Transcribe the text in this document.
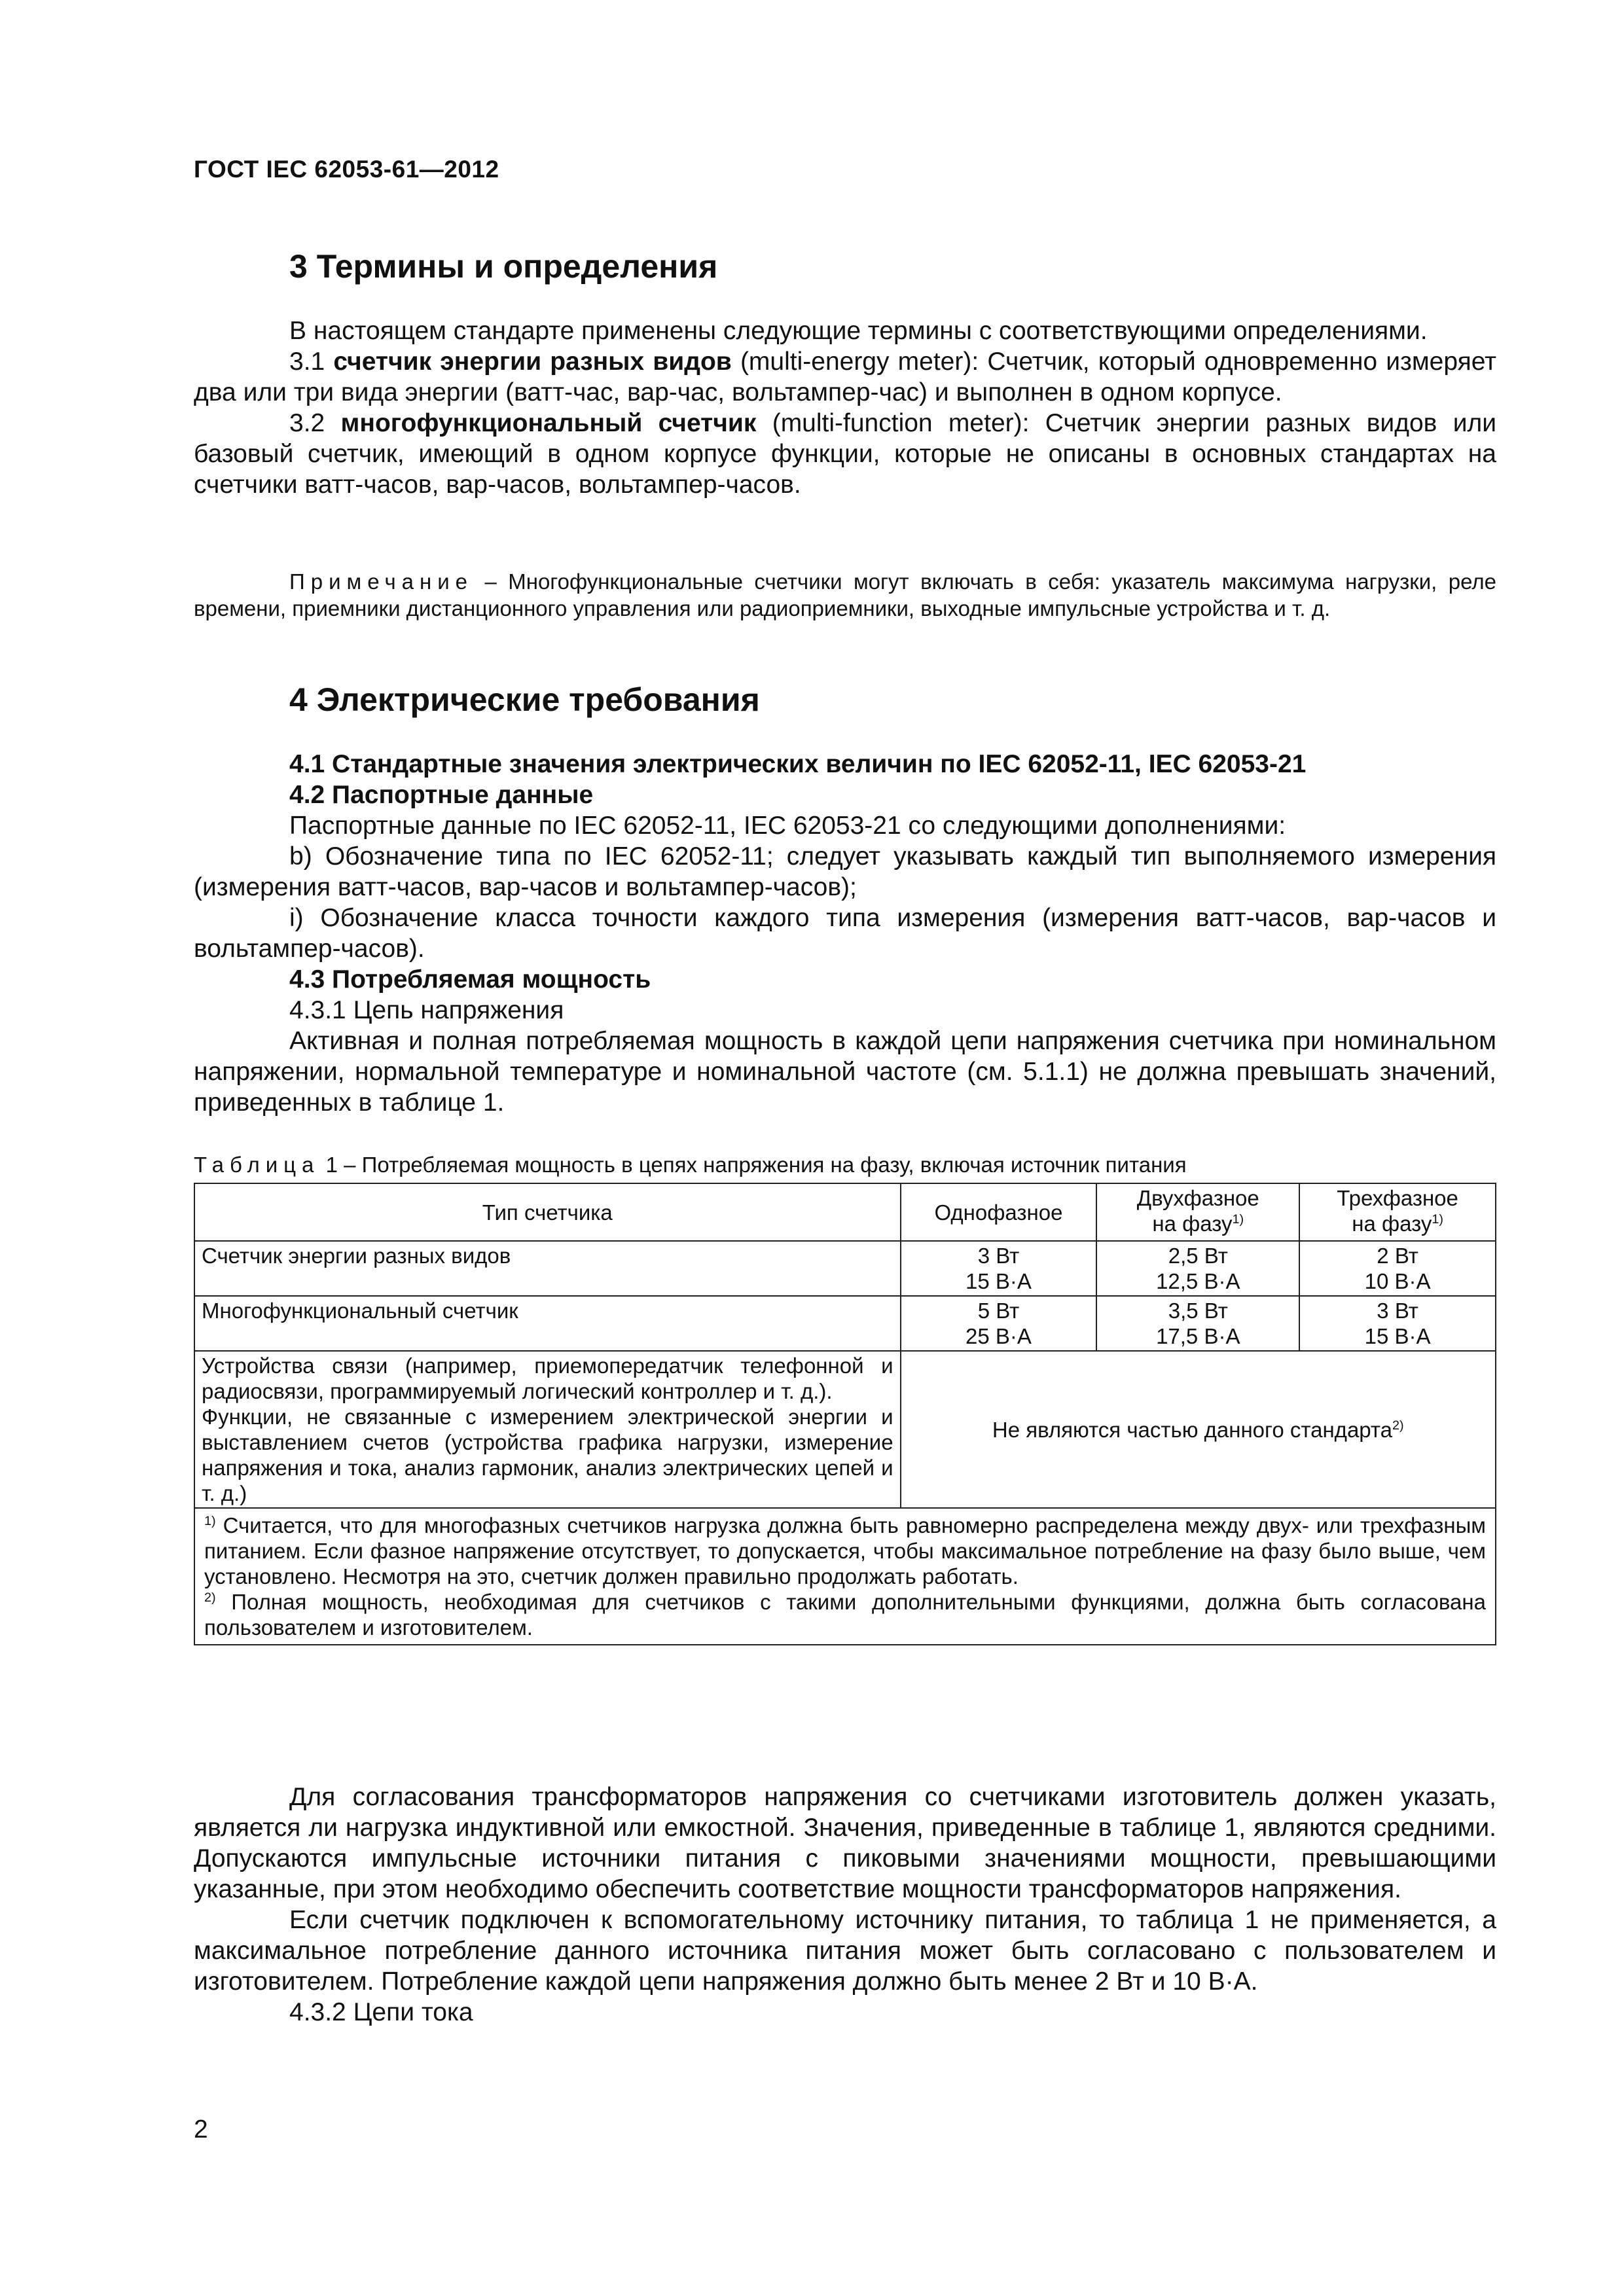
ГОСТ IEC 62053-61—2012
3 Термины и определения

В настоящем стандарте применены следующие термины с соответствующими определениями.

3.1 счетчик энергии разных видов (multi-energy meter): Счетчик, который одновременно измеряет два или три вида энергии (ватт-час, вар-час, вольтампер-час) и выполнен в одном корпусе.

3.2 многофункциональный счетчик (multi-function meter): Счетчик энергии разных видов или базовый счетчик, имеющий в одном корпусе функции, которые не описаны в основных стандартах на счетчики ватт-часов, вар-часов, вольтампер-часов.

Примечание – Многофункциональные счетчики могут включать в себя: указатель максимума нагрузки, реле времени, приемники дистанционного управления или радиоприемники, выходные импульсные устройства и т. д.

4 Электрические требования

4.1 Стандартные значения электрических величин по IEC 62052-11, IEC 62053-21

4.2 Паспортные данные

Паспортные данные по IEC 62052-11, IEC 62053-21 со следующими дополнениями:

b) Обозначение типа по IEC 62052-11; следует указывать каждый тип выполняемого измерения (измерения ватт-часов, вар-часов и вольтампер-часов);

i) Обозначение класса точности каждого типа измерения (измерения ватт-часов, вар-часов и вольтампер-часов).

4.3 Потребляемая мощность

4.3.1 Цепь напряжения

Активная и полная потребляемая мощность в каждой цепи напряжения счетчика при номинальном напряжении, нормальной температуре и номинальной частоте (см. 5.1.1) не должна превышать значений, приведенных в таблице 1.

Таблица 1 – Потребляемая мощность в цепях напряжения на фазу, включая источник питания
Тип счетчика	Однофазное	Двухфазное
на фазу$^{1)}$	Трехфазное
на фазу$^{1)}$

Счетчик энергии разных видов	3 Вт
15 В·А	2,5 Вт
12,5 В·А	2 Вт
10 В·А

Многофункциональный счетчик	5 Вт
25 В·А	3,5 Вт
17,5 В·А	3 Вт
15 В·А

Устройства связи (например, приемопередатчик телефонной и радиосвязи, программируемый логический контроллер и т. д.).
Функции, не связанные с измерением электрической энергии и выставлением счетов (устройства графика нагрузки, измерение напряжения и тока, анализ гармоник, анализ электрических цепей и т. д.)	Не являются частью данного стандарта$^{2)}$

$^{1)}$ Считается, что для многофазных счетчиков нагрузка должна быть равномерно распределена между двух- или трехфазным питанием. Если фазное напряжение отсутствует, то допускается, чтобы максимальное потребление на фазу было выше, чем установлено. Несмотря на это, счетчик должен правильно продолжать работать.

$^{2)}$ Полная мощность, необходимая для счетчиков с такими дополнительными функциями, должна быть согласована пользователем и изготовителем.			

Для согласования трансформаторов напряжения со счетчиками изготовитель должен указать, является ли нагрузка индуктивной или емкостной. Значения, приведенные в таблице 1, являются средними. Допускаются импульсные источники питания с пиковыми значениями мощности, превышающими указанные, при этом необходимо обеспечить соответствие мощности трансформаторов напряжения.

Если счетчик подключен к вспомогательному источнику питания, то таблица 1 не применяется, а максимальное потребление данного источника питания может быть согласовано с пользователем и изготовителем. Потребление каждой цепи напряжения должно быть менее 2 Вт и 10 В·А.

4.3.2 Цепи тока

2
